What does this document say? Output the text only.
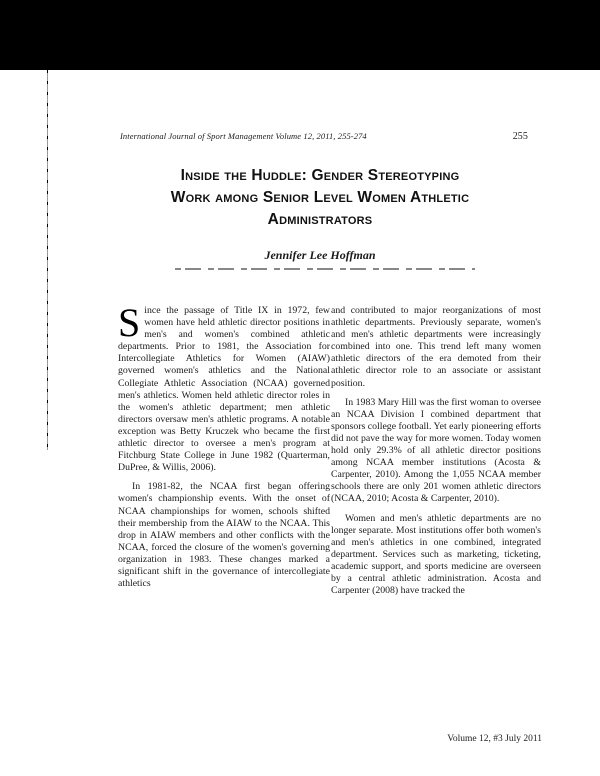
International Journal of Sport Management Volume 12, 2011, 255-274	255
Inside the Huddle: Gender Stereotyping
Work among Senior Level Women Athletic
Administrators
Jennifer Lee Hoffman

Since the passage of Title IX in 1972, few women have held athletic director positions in men's and women's combined athletic departments. Prior to 1981, the Association for Intercollegiate Athletics for Women (AIAW) governed women's athletics and the National Collegiate Athletic Association (NCAA) governed men's athletics. Women held athletic director roles in the women's athletic department; men athletic directors oversaw men's athletic programs. A notable exception was Betty Kruczek who became the first athletic director to oversee a men's program at Fitchburg State College in June 1982 (Quarterman, DuPree, & Willis, 2006).

In 1981-82, the NCAA first began offering women's championship events. With the onset of NCAA championships for women, schools shifted their membership from the AIAW to the NCAA. This drop in AIAW members and other conflicts with the NCAA, forced the closure of the women's governing organization in 1983. These changes marked a significant shift in the governance of intercollegiate athletics

and contributed to major reorganizations of most athletic departments. Previously separate, women's and men's athletic departments were increasingly combined into one. This trend left many women athletic directors of the era demoted from their athletic director role to an associate or assistant position.

In 1983 Mary Hill was the first woman to oversee an NCAA Division I combined department that sponsors college football. Yet early pioneering efforts did not pave the way for more women. Today women hold only 29.3% of all athletic director positions among NCAA member institutions (Acosta & Carpenter, 2010). Among the 1,055 NCAA member schools there are only 201 women athletic directors (NCAA, 2010; Acosta & Carpenter, 2010).

Women and men's athletic departments are no longer separate. Most institutions offer both women's and men's athletics in one combined, integrated department. Services such as marketing, ticketing, academic support, and sports medicine are overseen by a central athletic administration. Acosta and Carpenter (2008) have tracked the

Volume 12, #3 July 2011
